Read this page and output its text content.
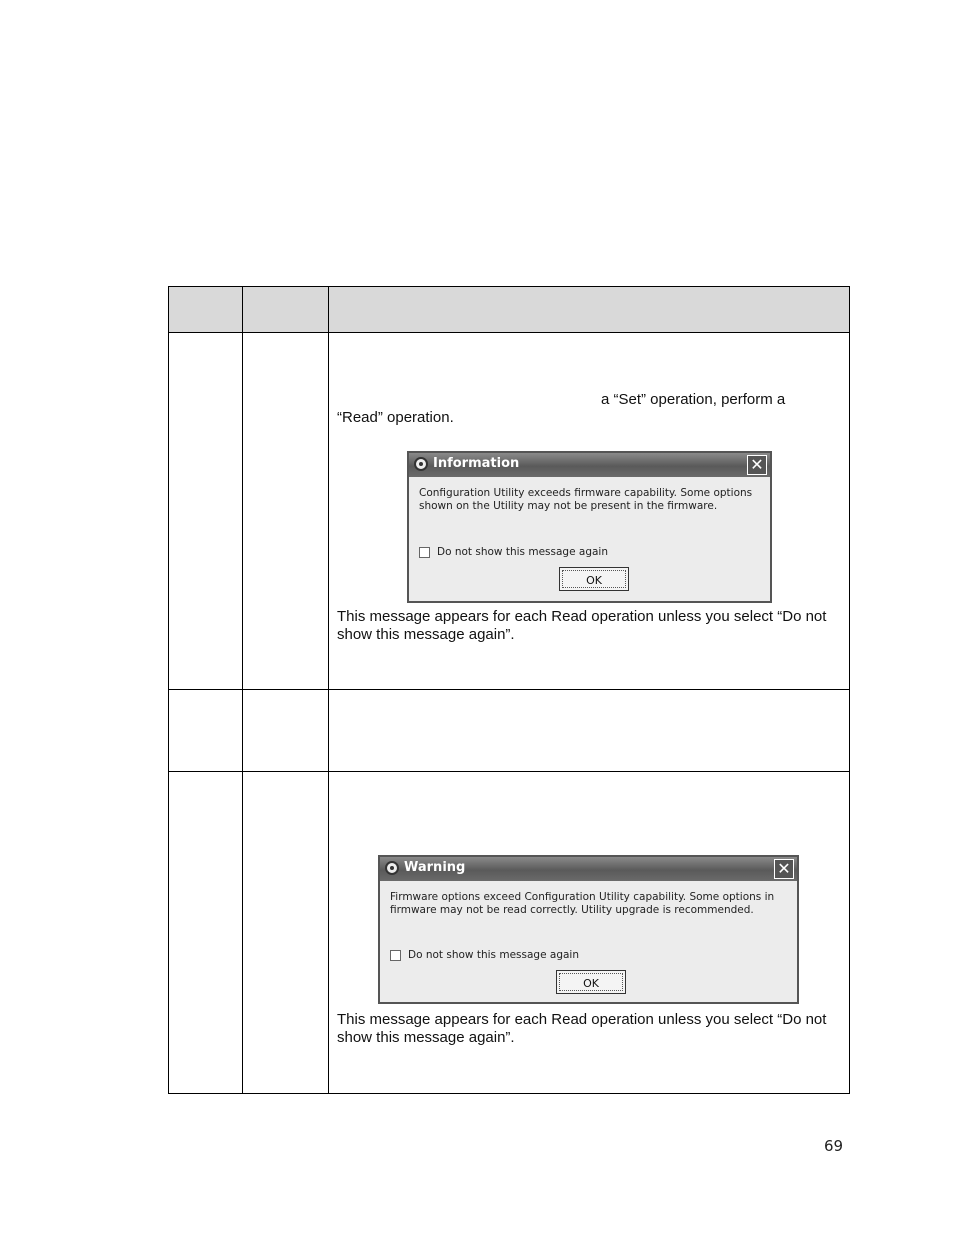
a “Set” operation, perform a

“Read” operation.

Information	✕

Configuration Utility exceeds firmware capability. Some options shown on the Utility may not be present in the firmware.

Do not show this message again
OK

This message appears for each Read operation unless you select “Do not show this message again”.

Warning	✕

Firmware options exceed Configuration Utility capability. Some options in firmware may not be read correctly. Utility upgrade is recommended.

Do not show this message again
OK

This message appears for each Read operation unless you select “Do not show this message again”.

69
